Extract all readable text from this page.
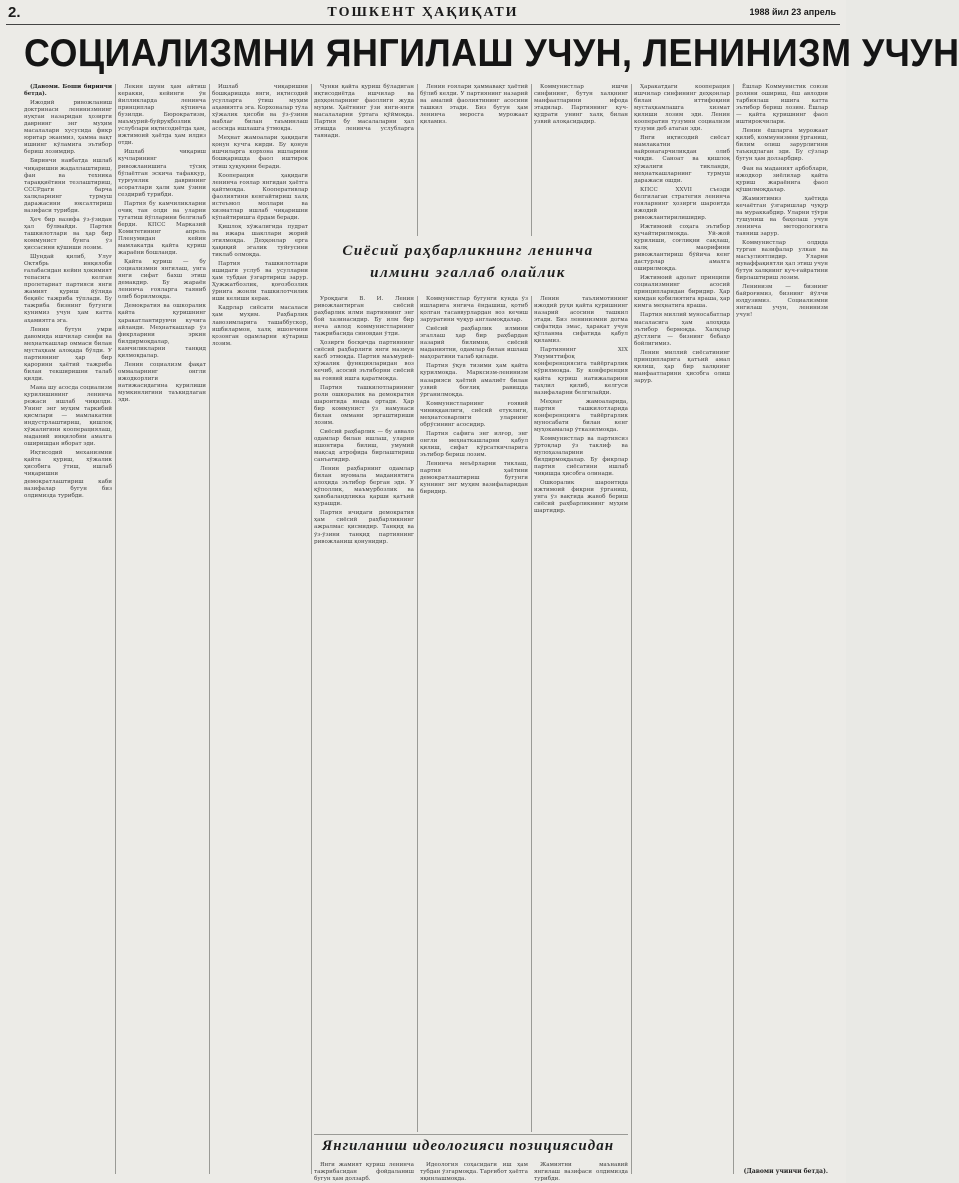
2.	ТОШКЕНТ ҲАҚИҚАТИ	1988 йил 23 апрель
СОЦИАЛИЗМНИ ЯНГИЛАШ УЧУН, ЛЕНИНИЗМ УЧУН

(Давоми. Боши биринчи бетда).

Ижодий ривожланиш доктринаси ленинизмнинг нуқтаи назаридан ҳозирги даврнинг энг муҳим масалалари хусусида фикр юритар эканмиз, ҳамма вақт ишнинг кўламига эътибор бериш лозимдир.

Биринчи навбатда ишлаб чиқаришни жадаллаштириш, фан ва техника тараққиётини тезлаштириш, СССРдаги барча халқларнинг турмуш даражасини юксалтириш вазифаси турибди.

Ҳеч бир вазифа ўз-ўзидан ҳал бўлмайди. Партия ташкилотлари ва ҳар бир коммунист бунга ўз ҳиссасини қўшиши лозим.

Шундай қилиб, Улуғ Октябрь инқилоби ғалабасидан кейин ҳокимият тепасига келган пролетариат партияси янги жамият қуриш йўлида беқиёс тажриба тўплади. Бу тажриба бизнинг бугунги кунимиз учун ҳам катта аҳамиятга эга.

Ленин бутун умри давомида ишчилар синфи ва меҳнаткашлар оммаси билан мустаҳкам алоқада бўлди. У партиянинг ҳар бир қарорини ҳаётий тажриба билан текширишни талаб қилди.

Мана шу асосда социализм қурилишининг ленинча режаси ишлаб чиқилди. Унинг энг муҳим таркибий қисмлари — мамлакатни индустрлаштириш, қишлоқ хўжалигини кооперациялаш, маданий инқилобни амалга оширишдан иборат эди.

Иқтисодий механизмни қайта қуриш, хўжалик ҳисобига ўтиш, ишлаб чиқаришни демократлаштириш каби вазифалар бугун биз олдимизда турибди.

Лекин шуни ҳам айтиш керакки, кейинги ўн йилликларда ленинча принциплар кўпинча бузилди. Бюрократизм, маъмурий-буйруқбозлик услублари иқтисодиётда ҳам, ижтимоий ҳаётда ҳам илдиз отди.

Ишлаб чиқариш кучларининг ривожланишига тўсиқ бўлаётган эскича тафаккур, турғунлик даврининг асоратлари ҳали ҳам ўзини сездириб турибди.

Партия бу камчиликларни очиқ тан олди ва уларни тугатиш йўлларини белгилаб берди. КПСС Марказий Комитетининг апрель Пленумидан кейин мамлакатда қайта қуриш жараёни бошланди.

Қайта қуриш — бу социализмни янгилаш, унга янги сифат бахш этиш демакдир. Бу жараён ленинча ғояларга таяниб олиб борилмоқда.

Демократия ва ошкоралик қайта қуришнинг ҳаракатлантирувчи кучига айланди. Меҳнаткашлар ўз фикрларини эркин билдирмоқдалар, камчиликларни танқид қилмоқдалар.

Ленин социализм фақат оммаларнинг онгли ижодкорлиги натижасидагина қурилиши мумкинлигини таъкидлаган эди.

Ишлаб чиқаришни бошқаришда янги, иқтисодий усулларга ўтиш муҳим аҳамиятга эга. Корхоналар тўла хўжалик ҳисоби ва ўз-ўзини маблағ билан таъминлаш асосида ишлашга ўтмоқда.

Меҳнат жамоалари ҳақидаги қонун кучга кирди. Бу қонун ишчиларга корхона ишларини бошқаришда фаол иштирок этиш ҳуқуқини беради.

Кооперация ҳақидаги ленинча ғоялар янгидан ҳаётга қайтмоқда. Кооперативлар фаолиятини кенгайтириш халқ истеъмол моллари ва хизматлар ишлаб чиқаришни кўпайтиришга ёрдам беради.

Қишлоқ хўжалигида пудрат ва ижара шакллари жорий этилмоқда. Деҳқонлар ерга ҳақиқий эгалик туйғусини тиклаб олмоқда.

Партия ташкилотлари ишидаги услуб ва усулларни ҳам тубдан ўзгартириш зарур. Ҳужжатбозлик, қоғозбозлик ўрнига жонли ташкилотчилик иши келиши керак.

Кадрлар сиёсати масаласи ҳам муҳим. Раҳбарлик лавозимларига ташаббускор, ишбилармон, халқ ишончини қозонган одамларни кўтариш лозим.

Чунки қайта қуриш бўладиган иқтисодиётда ишчилар ва деҳқонларнинг фаоллиги жуда муҳим. Ҳаётнинг ўзи янги-янги масалаларни ўртага қўймоқда. Партия бу масалаларни ҳал этишда ленинча услубларга таянади.

Ленин ғоялари ҳаммавақт ҳаётий бўлиб келди. У партиянинг назарий ва амалий фаолиятининг асосини ташкил этади. Биз бугун ҳам ленинча меросга мурожаат қиламиз.

Коммунистлар ишчи синфининг, бутун халқнинг манфаатларини ифода этадилар. Партиянинг куч-қудрати унинг халқ билан узвий алоқасидадир.

Сиёсий раҳбарликнинг ленинча
илмини эгаллаб олайлик

Уроқдаги В. И. Ленин ривожлантирган сиёсий раҳбарлик илми партиянинг энг бой хазинасидир. Бу илм бир неча авлод коммунистларнинг тажрибасида синовдан ўтди.

Ҳозирги босқичда партиянинг сиёсий раҳбарлиги янги мазмун касб этмоқда. Партия маъмурий-хўжалик функцияларидан воз кечиб, асосий эътиборни сиёсий ва ғоявий ишга қаратмоқда.

Партия ташкилотларининг роли ошкоралик ва демократия шароитида янада ортади. Ҳар бир коммунист ўз намунаси билан оммани эргаштириши лозим.

Сиёсий раҳбарлик — бу аввало одамлар билан ишлаш, уларни ишонтира билиш, умумий мақсад атрофида бирлаштириш санъатидир.

Ленин раҳбарнинг одамлар билан муомала маданиятига алоҳида эътибор берган эди. У қўполлик, маъмурбозлик ва ҳавобаландликка қарши қатъий курашди.

Партия ичидаги демократия ҳам сиёсий раҳбарликнинг ажралмас қисмидир. Танқид ва ўз-ўзини танқид партиянинг ривожланиш қонунидир.

Коммунистлар бугунги кунда ўз ишларига янгича ёндашиш, қотиб қолган тасаввурлардан воз кечиш заруратини чуқур англамоқдалар.

Сиёсий раҳбарлик илмини эгаллаш ҳар бир раҳбардан назарий билимни, сиёсий маданиятни, одамлар билан ишлаш маҳоратини талаб қилади.

Партия ўқув тизими ҳам қайта қурилмоқда. Марксизм-ленинизм назарияси ҳаётий амалиёт билан узвий боғлиқ равишда ўрганилмоқда.

Коммунистларнинг ғоявий чиниққанлиги, сиёсий етуклиги, меҳнатсеварлиги уларнинг обрўсининг асосидир.

Партия сафига энг илғор, энг онгли меҳнаткашларни қабул қилиш, сифат кўрсаткичларига эътибор бериш лозим.

Ленинча меъёрларни тиклаш, партия ҳаётини демократлаштириш бугунги куннинг энг муҳим вазифаларидан биридир.

Ленин таълимотининг ижодий руҳи қайта қуришнинг назарий асосини ташкил этади. Биз ленинизмни догма сифатида эмас, ҳаракат учун қўлланма сифатида қабул қиламиз.

Партиянинг XIX Умумиттифоқ конференциясига тайёргарлик кўрилмоқда. Бу конференция қайта қуриш натижаларини таҳлил қилиб, келгуси вазифаларни белгилайди.

Меҳнат жамоаларида, партия ташкилотларида конференцияга тайёргарлик муносабати билан кенг муҳокамалар ўтказилмоқда.

Коммунистлар ва партиясиз ўртоқлар ўз таклиф ва мулоҳазаларини билдирмоқдалар. Бу фикрлар партия сиёсатини ишлаб чиқишда ҳисобга олинади.

Ошкоралик шароитида ижтимоий фикрни ўрганиш, унга ўз вақтида жавоб бериш сиёсий раҳбарликнинг муҳим шартидир.

Янгиланиш идеологияси позициясидан

Янги жамият қуриш ленинча тажрибасидан фойдаланиш бугун ҳам долзарб.

Идеология соҳасидаги иш ҳам тубдан ўзгармоқда. Тарғибот ҳаётга яқинлашмоқда.

Жамиятни маънавий янгилаш вазифаси олдимизда турибди.

Ҳаракатдаги кооперация ишчилар синфининг деҳқонлар билан иттифоқини мустаҳкамлашга хизмат қилиши лозим эди. Ленин кооператив тузумни социализм тузуми деб атаган эди.

Янги иқтисодий сиёсат мамлакатни вайронагарчиликдан олиб чиқди. Саноат ва қишлоқ хўжалиги тикланди, меҳнаткашларнинг турмуш даражаси ошди.

КПСС XXVII съезди белгилаган стратегия ленинча ғояларнинг ҳозирги шароитда ижодий ривожлантирилишидир.

Ижтимоий соҳага эътибор кучайтирилмоқда. Уй-жой қурилиши, соғлиқни сақлаш, халқ маорифини ривожлантириш бўйича кенг дастурлар амалга оширилмоқда.

Ижтимоий адолат принципи социализмнинг асосий принципларидан биридир. Ҳар кимдан қобилиятига яраша, ҳар кимга меҳнатига яраша.

Партия миллий муносабатлар масаласига ҳам алоҳида эътибор бермоқда. Халқлар дўстлиги — бизнинг бебаҳо бойлигимиз.

Ленин миллий сиёсатининг принципларига қатъий амал қилиш, ҳар бир халқнинг манфаатларини ҳисобга олиш зарур.

Ёшлар Коммунистик союзи ролини ошириш, ёш авлодни тарбиялаш ишига катта эътибор бериш лозим. Ёшлар — қайта қуришнинг фаол иштирокчилари.

Ленин ёшларга мурожаат қилиб, коммунизмни ўрганиш, билим олиш зарурлигини таъкидлаган эди. Бу сўзлар бугун ҳам долзарбдир.

Фан ва маданият арбоблари, ижодкор зиёлилар қайта қуриш жараёнига фаол қўшилмоқдалар.

Жамиятимиз ҳаётида кечаётган ўзгаришлар чуқур ва мураккабдир. Уларни тўғри тушуниш ва баҳолаш учун ленинча методологияга таяниш зарур.

Коммунистлар олдида турган вазифалар улкан ва масъулиятлидир. Уларни муваффақиятли ҳал этиш учун бутун халқнинг куч-ғайратини бирлаштириш лозим.

Ленинизм — бизнинг байроғимиз, бизнинг йўлчи юлдузимиз. Социализмни янгилаш учун, ленинизм учун!

(Давоми учинчи бетда).
